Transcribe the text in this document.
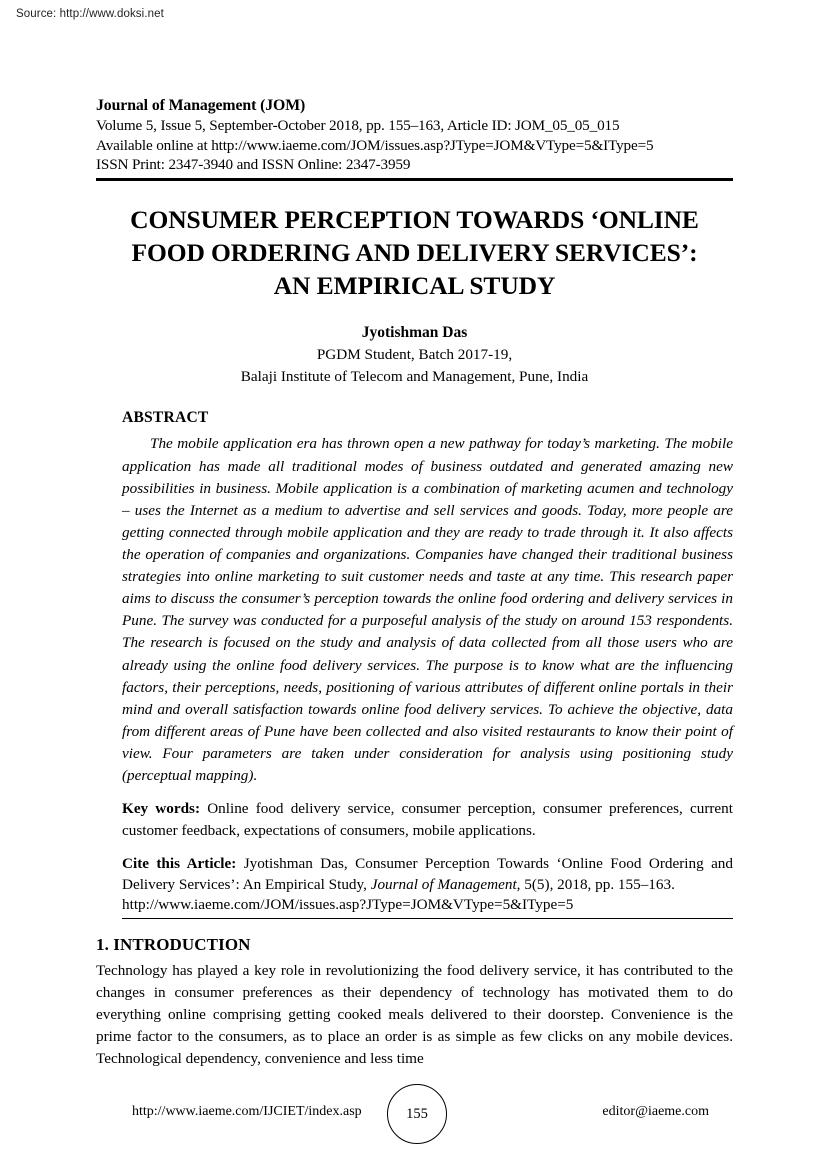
Source: http://www.doksi.net
Journal of Management (JOM)
Volume 5, Issue 5, September-October 2018, pp. 155–163, Article ID: JOM_05_05_015
Available online at http://www.iaeme.com/JOM/issues.asp?JType=JOM&VType=5&IType=5
ISSN Print: 2347-3940 and ISSN Online: 2347-3959
CONSUMER PERCEPTION TOWARDS ‘ONLINE
FOOD ORDERING AND DELIVERY SERVICES’:
AN EMPIRICAL STUDY
Jyotishman Das
PGDM Student, Batch 2017-19,
Balaji Institute of Telecom and Management, Pune, India
ABSTRACT
The mobile application era has thrown open a new pathway for today’s marketing. The mobile application has made all traditional modes of business outdated and generated amazing new possibilities in business. Mobile application is a combination of marketing acumen and technology – uses the Internet as a medium to advertise and sell services and goods. Today, more people are getting connected through mobile application and they are ready to trade through it. It also affects the operation of companies and organizations. Companies have changed their traditional business strategies into online marketing to suit customer needs and taste at any time. This research paper aims to discuss the consumer’s perception towards the online food ordering and delivery services in Pune. The survey was conducted for a purposeful analysis of the study on around 153 respondents. The research is focused on the study and analysis of data collected from all those users who are already using the online food delivery services. The purpose is to know what are the influencing factors, their perceptions, needs, positioning of various attributes of different online portals in their mind and overall satisfaction towards online food delivery services. To achieve the objective, data from different areas of Pune have been collected and also visited restaurants to know their point of view. Four parameters are taken under consideration for analysis using positioning study (perceptual mapping).
Key words: Online food delivery service, consumer perception, consumer preferences, current customer feedback, expectations of consumers, mobile applications.
Cite this Article: Jyotishman Das, Consumer Perception Towards ‘Online Food Ordering and Delivery Services’: An Empirical Study, Journal of Management, 5(5), 2018, pp. 155–163.
http://www.iaeme.com/JOM/issues.asp?JType=JOM&VType=5&IType=5
1. INTRODUCTION
Technology has played a key role in revolutionizing the food delivery service, it has contributed to the changes in consumer preferences as their dependency of technology has motivated them to do everything online comprising getting cooked meals delivered to their doorstep. Convenience is the prime factor to the consumers, as to place an order is as simple as few clicks on any mobile devices. Technological dependency, convenience and less time
http://www.iaeme.com/IJCIET/index.asp	155	editor@iaeme.com
